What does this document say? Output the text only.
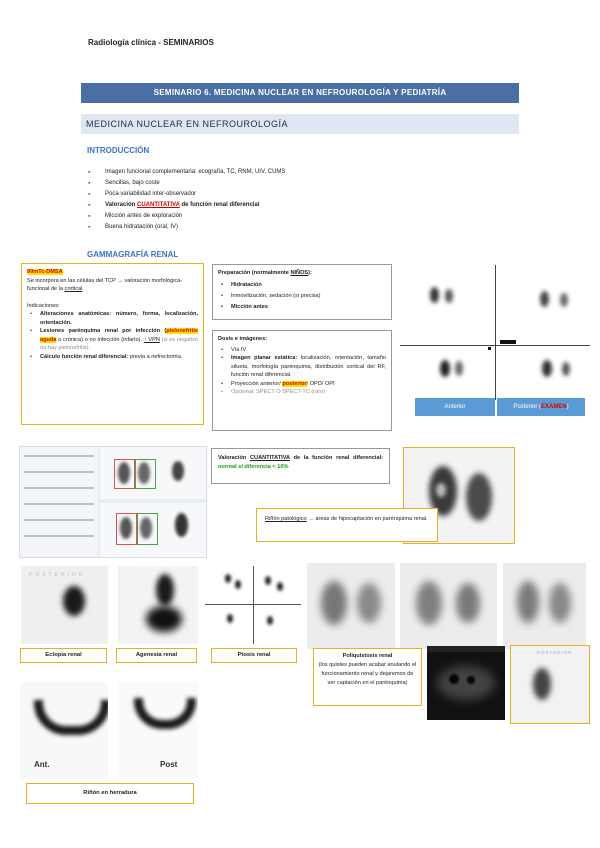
Radiología clínica - SEMINARIOS
SEMINARIO 6. MEDICINA NUCLEAR EN NEFROUROLOGÍA Y PEDIATRÍA
MEDICINA NUCLEAR EN NEFROUROLOGÍA
INTRODUCCIÓN
▪ Imagen funcional complementaria: ecografía, TC, RNM, UIV, CUMS
▪ Sencillas, bajo coste
▪ Poca variabilidad inter-observador
▪ Valoración CUANTITATIVA de función renal diferencial
▪ Micción antes de exploración
▪ Buena hidratación (oral, IV)
GAMMAGRAFÍA RENAL
99mTc-DMSA
Se incorpora en las células del TCP → valoración morfológica-funcional de la cortical.
Indicaciones:
• Alteraciones anatómicas: número, forma, localización, orientación.
• Lesiones parénquima renal por infección (pielonefritis aguda o crónica) o no infección (infarto). ↑ VPN (si es negativo no hay pielonefritis).
• Cálculo función renal diferencial: previa a nefrectomía.
Preparación (normalmente NIÑOS):
• Hidratación
• Inmovilización, sedación (si precisa)
• Micción antes
Dosis e imágenes:
• Vía IV
• Imagen planar estática: localización, orientación, tamaño silueta, morfología parénquima, distribución cortical del RF, función renal diferencial.
• Proyección anterior/ posterior/ OPD/ OPI
• Opcional: SPECT O SPECT-TC (raro)
Anterior	Posterior (EXAMEN)
Valoración CUANTITATIVA de la función renal diferencial: normal si diferencia < 10%
Riñón patológico → áreas de hipocaptación en parénquima renal.
POSTERIOR
Ectopia renal	Agenesia renal	Ptosis renal	Poliquistosis renal
(los quistes pueden acabar anulando el funcionamiento renal y dejaremos de ver captación en el parénquima)
POSTERIOR
Ant.	Post
Riñón en herradura
